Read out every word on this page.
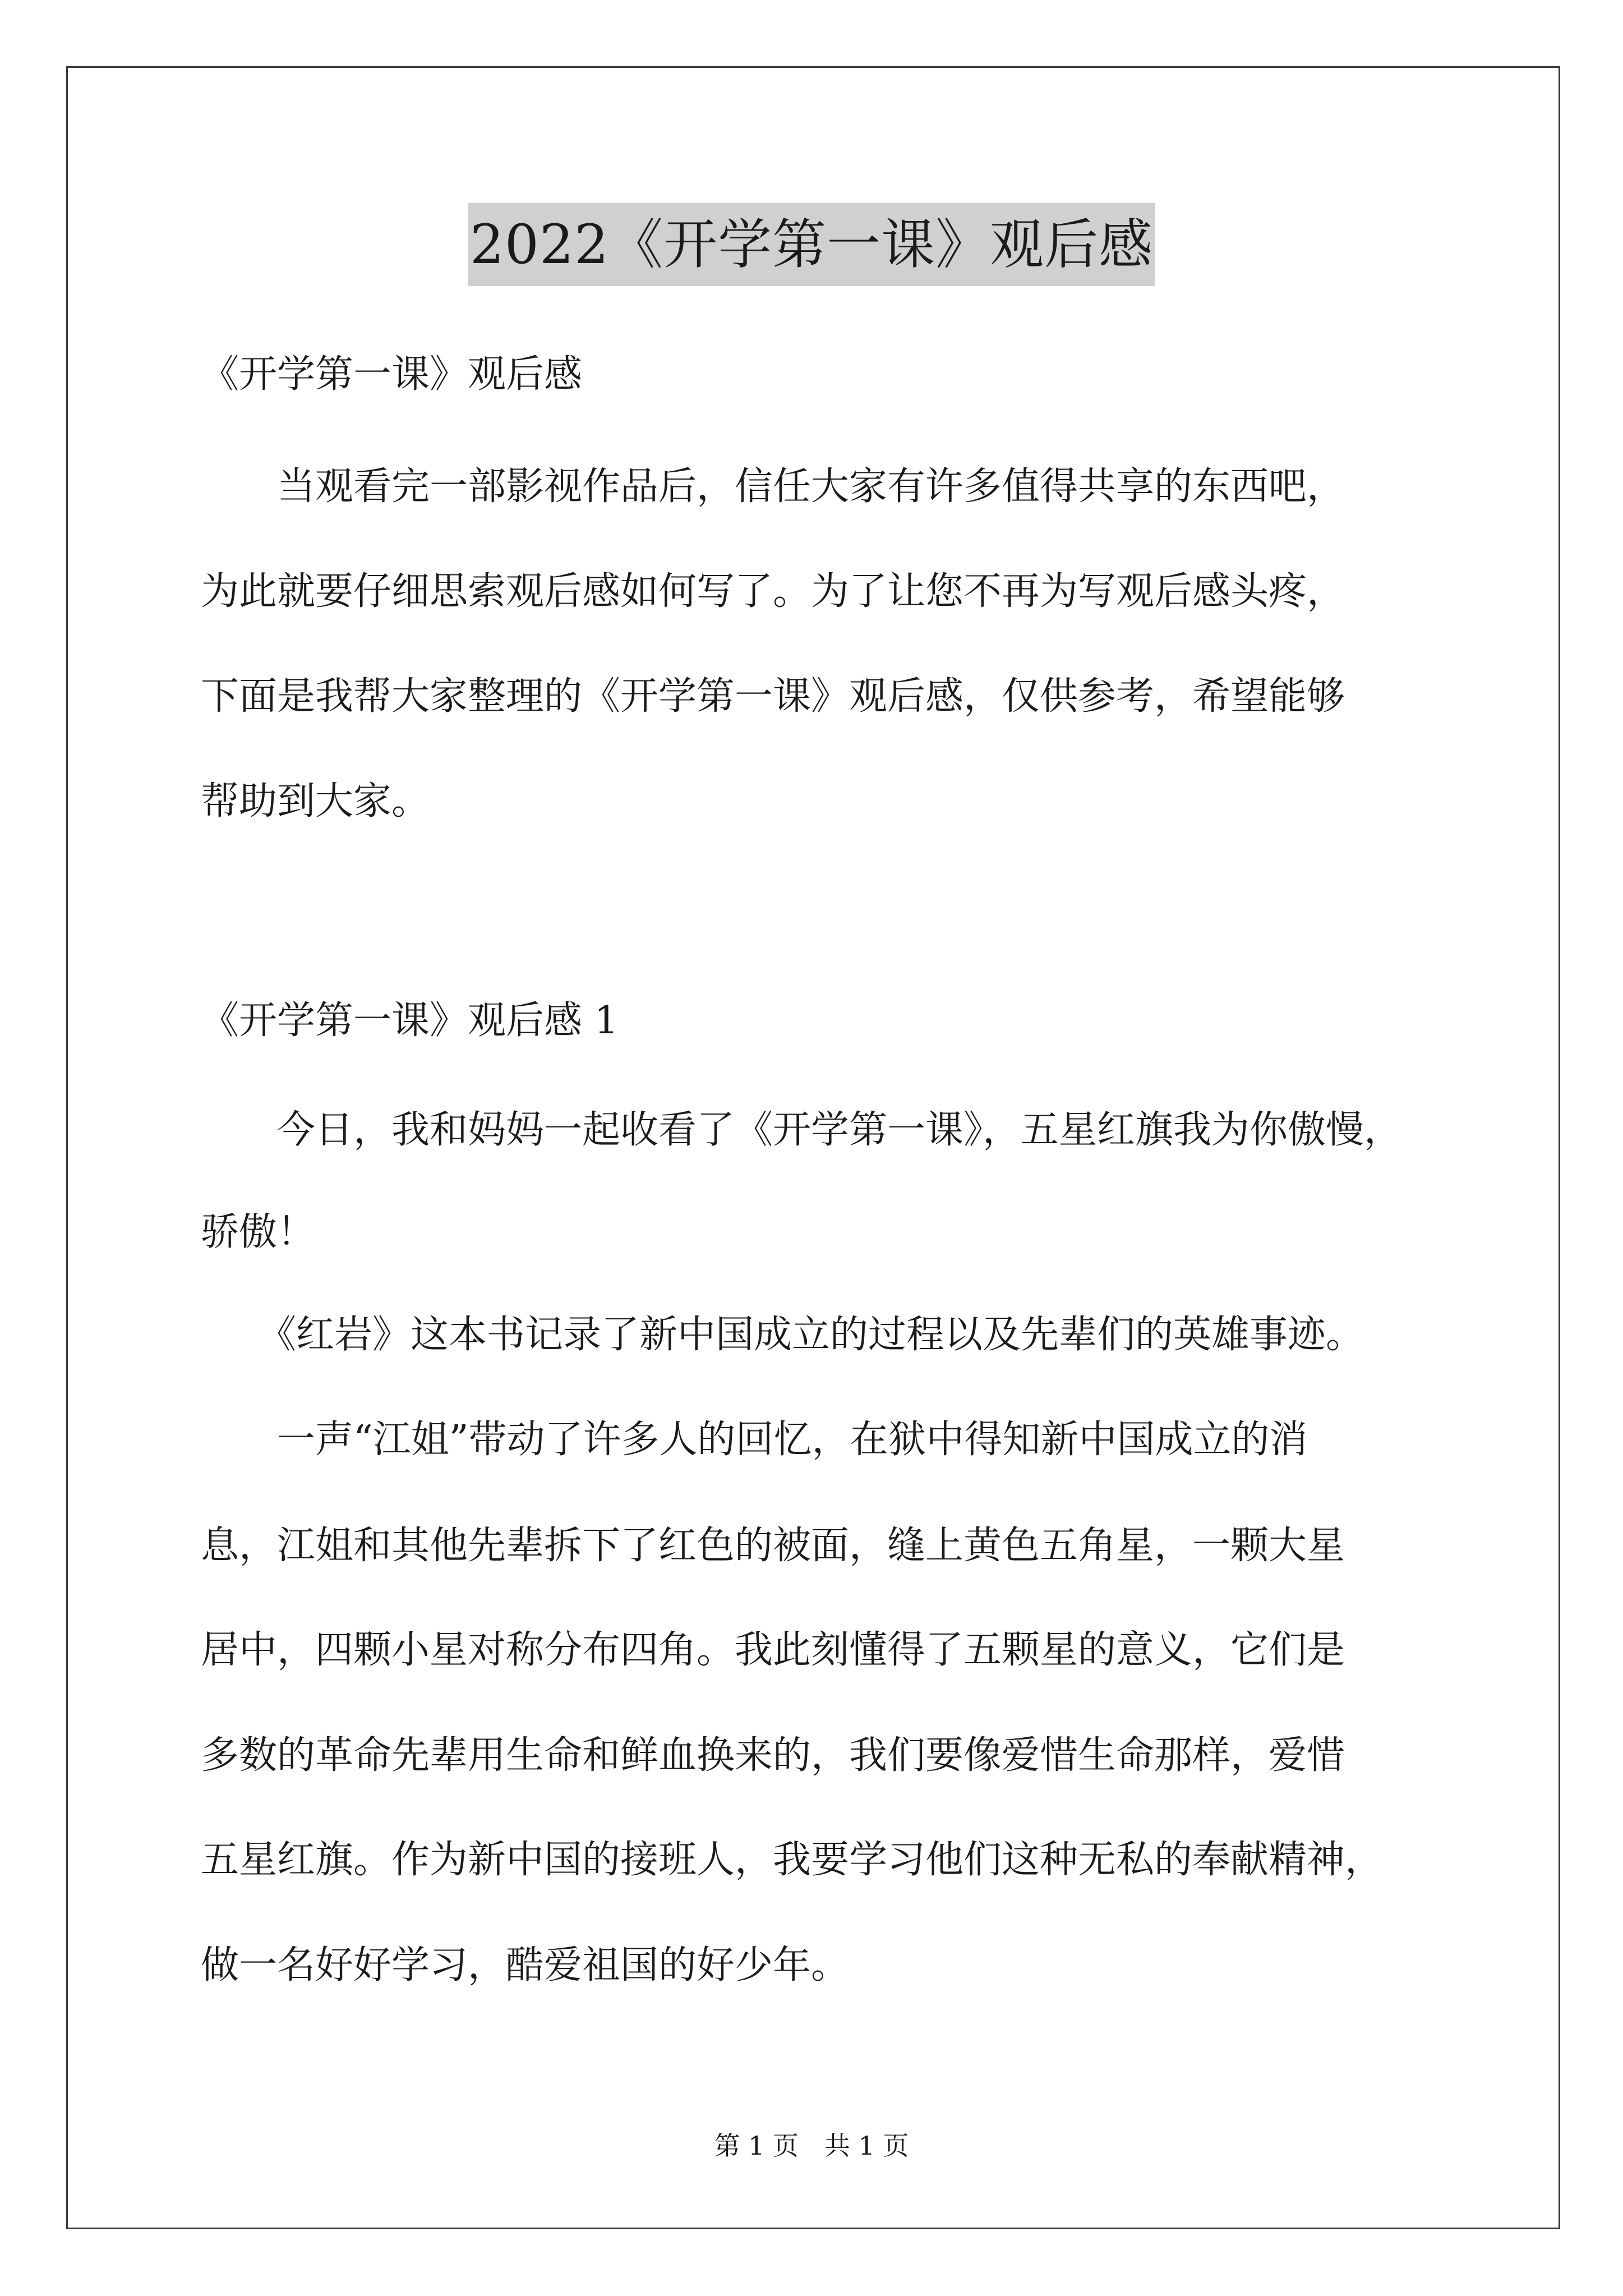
2022《开学第一课》观后感
《开学第一课》观后感
　　当观看完一部影视作品后，信任大家有许多值得共享的东西吧，
为此就要仔细思索观后感如何写了。为了让您不再为写观后感头疼，
下面是我帮大家整理的《开学第一课》观后感，仅供参考，希望能够
帮助到大家。
《开学第一课》观后感 1
　　今日，我和妈妈一起收看了《开学第一课》，五星红旗我为你傲慢，
骄傲！
　　《红岩》这本书记录了新中国成立的过程以及先辈们的英雄事迹。
　　一声“江姐”带动了许多人的回忆，在狱中得知新中国成立的消
息，江姐和其他先辈拆下了红色的被面，缝上黄色五角星，一颗大星
居中，四颗小星对称分布四角。我此刻懂得了五颗星的意义，它们是
多数的革命先辈用生命和鲜血换来的，我们要像爱惜生命那样，爱惜
五星红旗。作为新中国的接班人，我要学习他们这种无私的奉献精神，
做一名好好学习，酷爱祖国的好少年。
第 1 页　共 1 页
